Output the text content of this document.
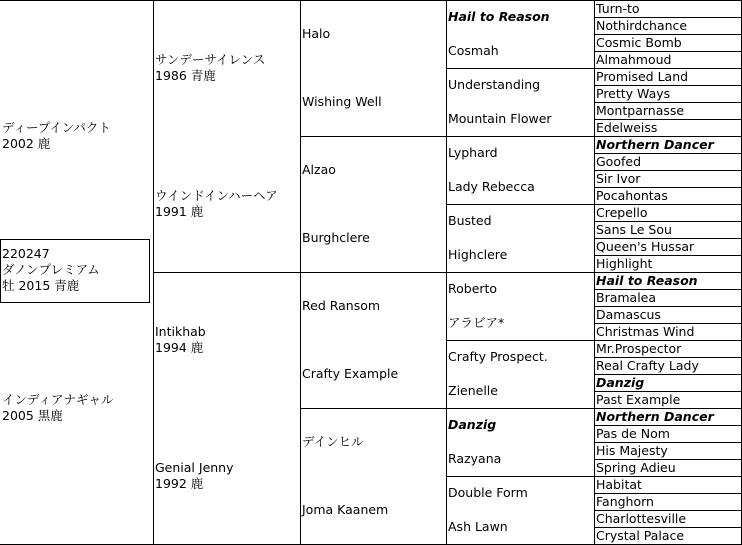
Turn-to
Nothirdchance
Cosmic Bomb
Almahmoud
Promised Land
Pretty Ways
Montparnasse
Edelweiss
Northern Dancer
Goofed
Sir Ivor
Pocahontas
Crepello
Sans Le Sou
Queen's Hussar
Highlight
Hail to Reason
Bramalea
Damascus
Christmas Wind
Mr.Prospector
Real Crafty Lady
Danzig
Past Example
Northern Dancer
Pas de Nom
His Majesty
Spring Adieu
Habitat
Fanghorn
Charlottesville
Crystal Palace
Hail to Reason
Cosmah
Understanding
Mountain Flower
Lyphard
Lady Rebecca
Busted
Highclere
Roberto
アラビア*
Crafty Prospect.
Zienelle
Danzig
Razyana
Double Form
Ash Lawn
Halo
Wishing Well
Alzao
Burghclere
Red Ransom
Crafty Example
デインヒル
Joma Kaanem
サンデーサイレンス
1986 青鹿
ウインドインハーヘア
1991 鹿
Intikhab
1994 鹿
Genial Jenny
1992 鹿
ディープインパクト
2002 鹿
インディアナギャル
2005 黒鹿
220247
ダノンプレミアム
牡 2015 青鹿
